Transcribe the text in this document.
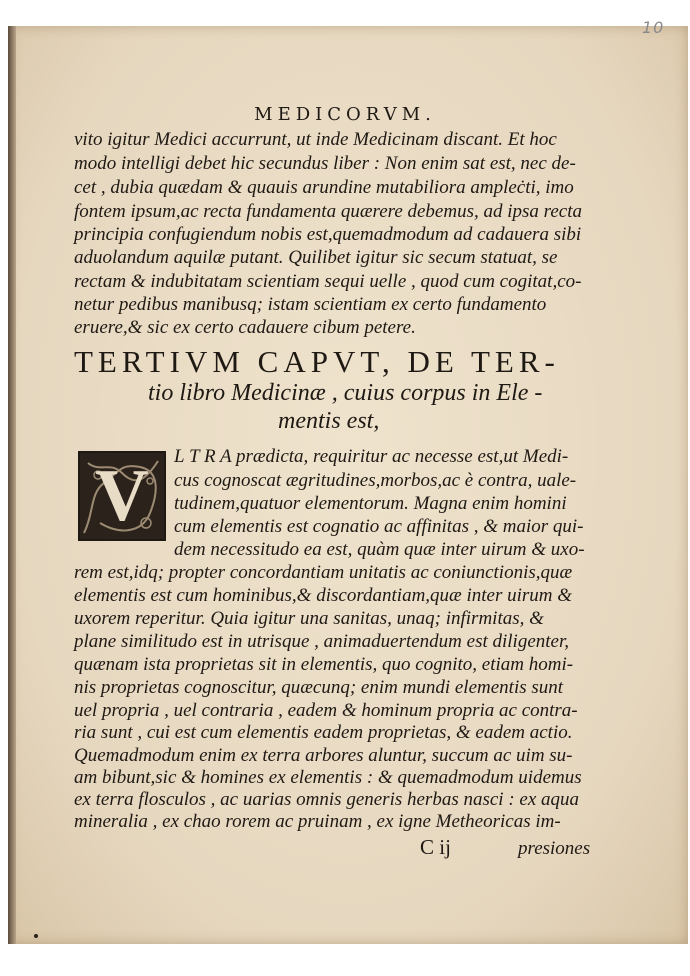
10
MEDICORVM.
vito igitur Medici accurrunt, ut inde Medicinam discant. Et hoc
modo intelligi debet hic secundus liber : Non enim sat est, nec de-
cet , dubia quædam & quauis arundine mutabiliora ampleċti, imo
fontem ipsum,ac recta fundamenta quærere debemus, ad ipsa recta
principia confugiendum nobis est,quemadmodum ad cadauera sibi
aduolandum aquilæ putant. Quilibet igitur sic secum statuat, se
rectam & indubitatam scientiam sequi uelle , quod cum cogitat,co-
netur pedibus manibusq; istam scientiam ex certo fundamento
eruere,& sic ex certo cadauere cibum petere.
TERTIVM CAPVT, DE TER-
tio libro Medicinæ , cuius corpus in Ele -
mentis est,
V L T R A prædicta, requiritur ac necesse est,ut Medi-
cus cognoscat ægritudines,morbos,ac è contra, uale-
tudinem,quatuor elementorum. Magna enim homini
cum elementis est cognatio ac affinitas , & maior qui-
dem necessitudo ea est, quàm quæ inter uirum & uxo-
rem est,idq; propter concordantiam unitatis ac coniunctionis,quæ
elementis est cum hominibus,& discordantiam,quæ inter uirum &
uxorem reperitur. Quia igitur una sanitas, unaq; infirmitas, &
plane similitudo est in utrisque , animaduertendum est diligenter,
quænam ista proprietas sit in elementis, quo cognito, etiam homi-
nis proprietas cognoscitur, quæcunq; enim mundi elementis sunt
uel propria , uel contraria , eadem & hominum propria ac contra-
ria sunt , cui est cum elementis eadem proprietas, & eadem actio.
Quemadmodum enim ex terra arbores aluntur, succum ac uim su-
am bibunt,sic & homines ex elementis : & quemadmodum uidemus
ex terra flosculos , ac uarias omnis generis herbas nasci : ex aqua
mineralia , ex chao rorem ac pruinam , ex igne Metheoricas im-
C ij	presiones
